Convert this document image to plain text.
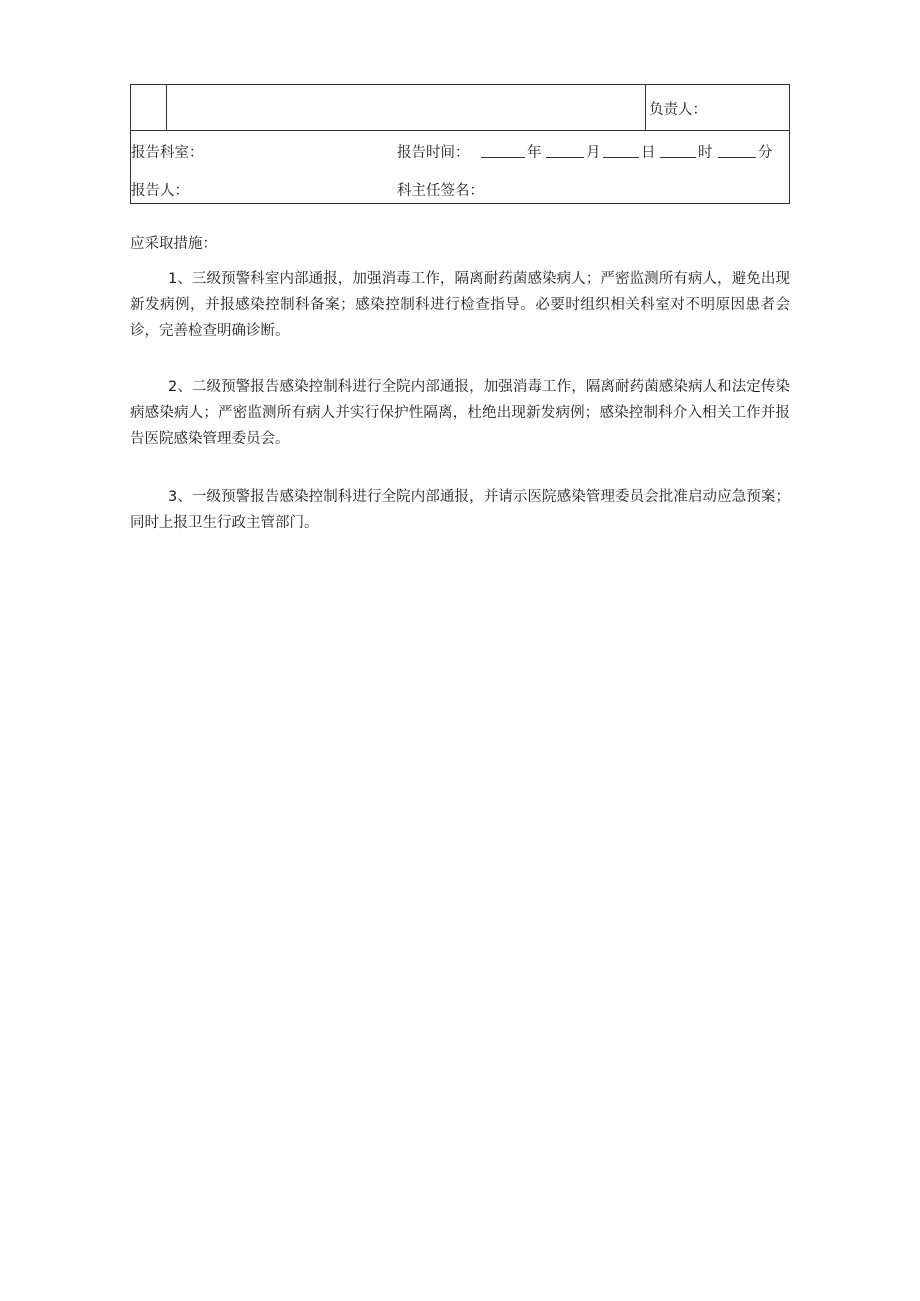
负责人：
报告科室：	报告时间：	年	月	日	时	分
报告人：	科主任签名：
应采取措施：

1、三级预警科室内部通报，加强消毒工作，隔离耐药菌感染病人；严密监测所有病人，避免出现新发病例，并报感染控制科备案；感染控制科进行检查指导。必要时组织相关科室对不明原因患者会诊，完善检查明确诊断。

2、二级预警报告感染控制科进行全院内部通报，加强消毒工作，隔离耐药菌感染病人和法定传染病感染病人；严密监测所有病人并实行保护性隔离，杜绝出现新发病例；感染控制科介入相关工作并报告医院感染管理委员会。

3、一级预警报告感染控制科进行全院内部通报，并请示医院感染管理委员会批准启动应急预案；同时上报卫生行政主管部门。
